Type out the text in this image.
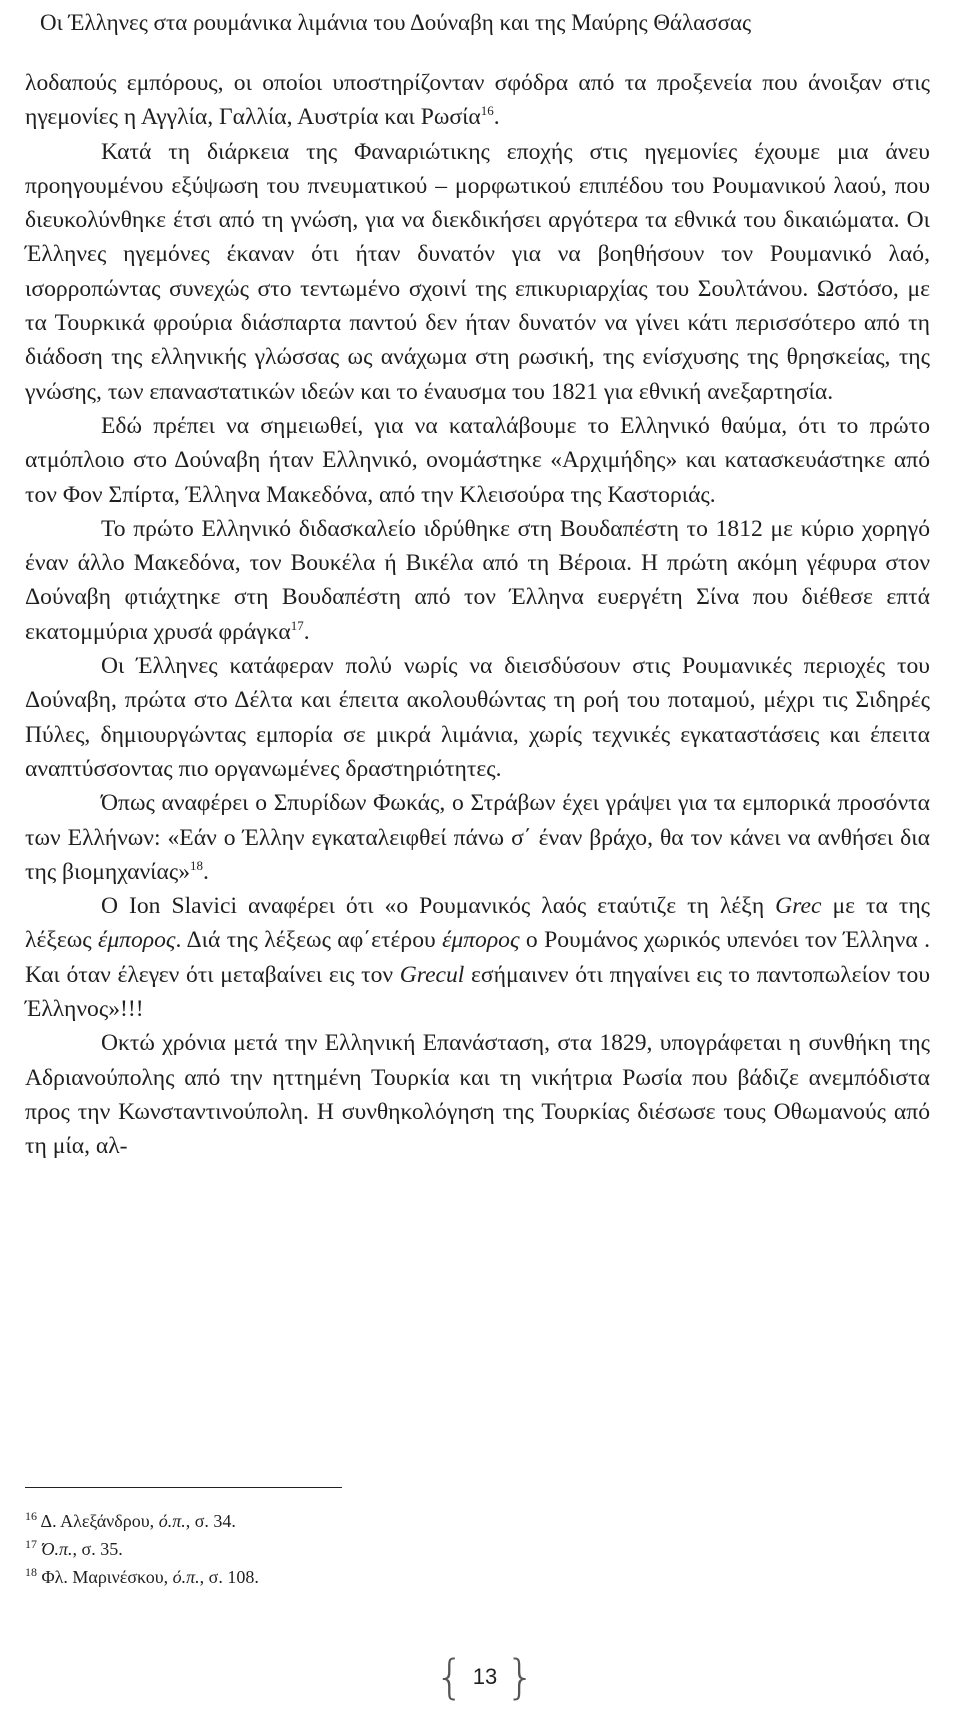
Οι Έλληνες στα ρουμάνικα λιμάνια του Δούναβη και της Μαύρης Θάλασσας

λοδαπούς εμπόρους, οι οποίοι υποστηρίζονταν σφόδρα από τα προξενεία που άνοιξαν στις ηγεμονίες η Αγγλία, Γαλλία, Αυστρία και Ρωσία$^{16}$.

Κατά τη διάρκεια της Φαναριώτικης εποχής στις ηγεμονίες έχουμε μια άνευ προηγουμένου εξύψωση του πνευματικού – μορφωτικού επιπέδου του Ρουμανικού λαού, που διευκολύνθηκε έτσι από τη γνώση, για να διεκδικήσει αργότερα τα εθνικά του δικαιώματα. Οι Έλληνες ηγεμόνες έκαναν ότι ήταν δυνατόν για να βοηθήσουν τον Ρουμανικό λαό, ισορροπώντας συνεχώς στο τεντωμένο σχοινί της επικυριαρχίας του Σουλτάνου. Ωστόσο, με τα Τουρκικά φρούρια διάσπαρτα παντού δεν ήταν δυνατόν να γίνει κάτι περισσότερο από τη διάδοση της ελληνικής γλώσσας ως ανάχωμα στη ρωσική, της ενίσχυσης της θρησκείας, της γνώσης, των επαναστατικών ιδεών και το έναυσμα του 1821 για εθνική ανεξαρτησία.

Εδώ πρέπει να σημειωθεί, για να καταλάβουμε το Ελληνικό θαύμα, ότι το πρώτο ατμόπλοιο στο Δούναβη ήταν Ελληνικό, ονομάστηκε «Αρχιμήδης» και κατασκευάστηκε από τον Φον Σπίρτα, Έλληνα Μακεδόνα, από την Κλεισούρα της Καστοριάς.

Το πρώτο Ελληνικό διδασκαλείο ιδρύθηκε στη Βουδαπέστη το 1812 με κύριο χορηγό έναν άλλο Μακεδόνα, τον Βουκέλα ή Βικέλα από τη Βέροια. Η πρώτη ακόμη γέφυρα στον Δούναβη φτιάχτηκε στη Βουδαπέστη από τον Έλληνα ευεργέτη Σίνα που διέθεσε επτά εκατομμύρια χρυσά φράγκα$^{17}$.

Οι Έλληνες κατάφεραν πολύ νωρίς να διεισδύσουν στις Ρουμανικές περιοχές του Δούναβη, πρώτα στο Δέλτα και έπειτα ακολουθώντας τη ροή του ποταμού, μέχρι τις Σιδηρές Πύλες, δημιουργώντας εμπορία σε μικρά λιμάνια, χωρίς τεχνικές εγκαταστάσεις και έπειτα αναπτύσσοντας πιο οργανωμένες δραστηριότητες.

Όπως αναφέρει ο Σπυρίδων Φωκάς, ο Στράβων έχει γράψει για τα εμπορικά προσόντα των Ελλήνων: «Εάν ο Έλλην εγκαταλειφθεί πάνω σ΄ έναν βράχο, θα τον κάνει να ανθήσει δια της βιομηχανίας»$^{18}$.

Ο Ion Slavici αναφέρει ότι «ο Ρουμανικός λαός εταύτιζε τη λέξη Grec με τα της λέξεως έμπορος. Διά της λέξεως αφ΄ετέρου έμπορος ο Ρουμάνος χωρικός υπενόει τον Έλληνα . Και όταν έλεγεν ότι μεταβαίνει εις τον Grecul εσήμαινεν ότι πηγαίνει εις το παντοπωλείον του Έλληνος»!!!

Οκτώ χρόνια μετά την Ελληνική Επανάσταση, στα 1829, υπογράφεται η συνθήκη της Αδριανούπολης από την ηττημένη Τουρκία και τη νικήτρια Ρωσία που βάδιζε ανεμπόδιστα προς την Κωνσταντινούπολη. Η συνθηκολόγηση της Τουρκίας διέσωσε τους Οθωμανούς από τη μία, αλ-

$^{16}$ Δ. Αλεξάνδρου, ό.π., σ. 34.
$^{17}$ Ό.π., σ. 35.
$^{18}$ Φλ. Μαρινέσκου, ό.π., σ. 108.
{ 13 }
